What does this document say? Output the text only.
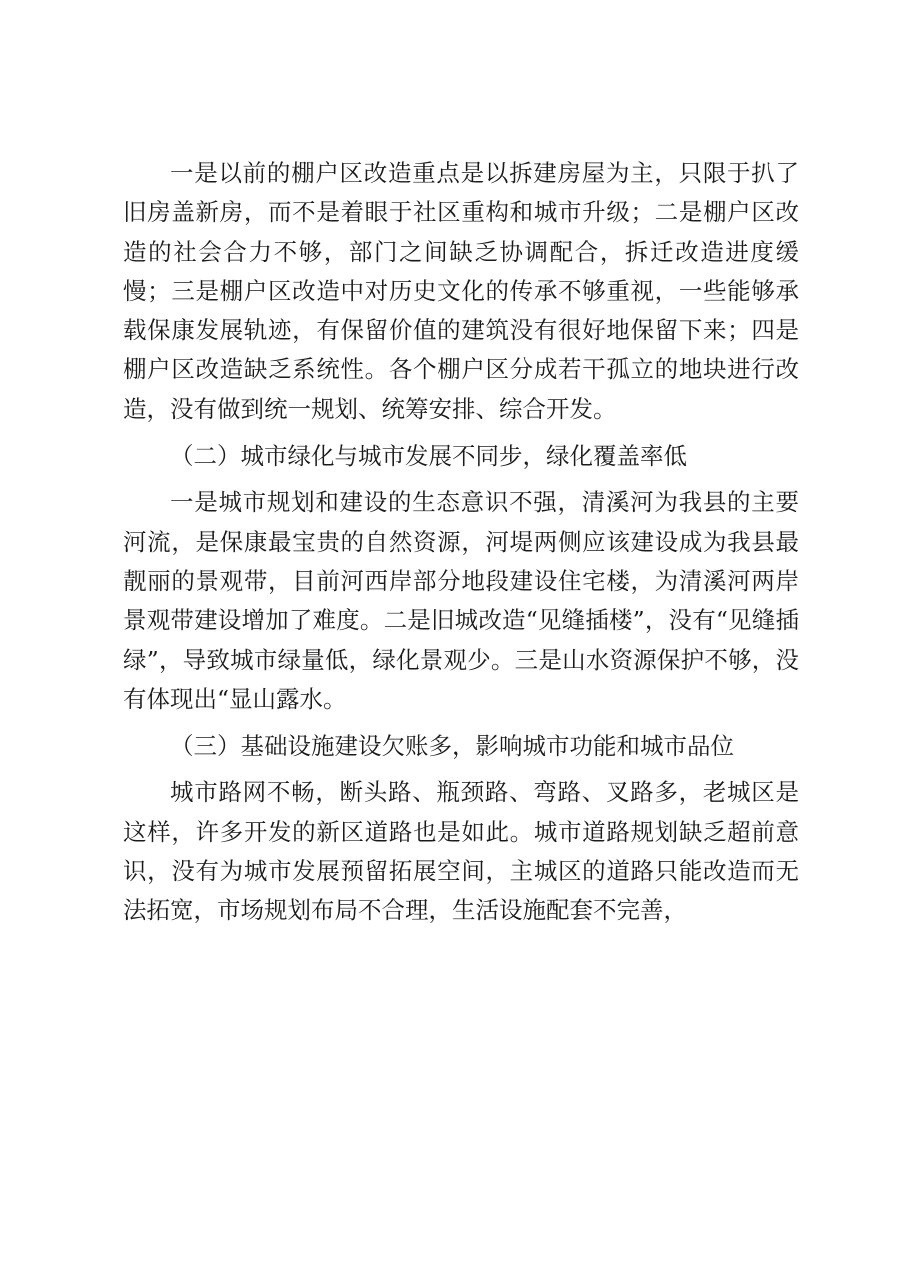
一是以前的棚户区改造重点是以拆建房屋为主，只限于扒了旧房盖新房，而不是着眼于社区重构和城市升级；二是棚户区改造的社会合力不够，部门之间缺乏协调配合，拆迁改造进度缓慢；三是棚户区改造中对历史文化的传承不够重视，一些能够承载保康发展轨迹，有保留价值的建筑没有很好地保留下来；四是棚户区改造缺乏系统性。各个棚户区分成若干孤立的地块进行改造，没有做到统一规划、统筹安排、综合开发。

（二）城市绿化与城市发展不同步，绿化覆盖率低

一是城市规划和建设的生态意识不强，清溪河为我县的主要河流，是保康最宝贵的自然资源，河堤两侧应该建设成为我县最靓丽的景观带，目前河西岸部分地段建设住宅楼，为清溪河两岸景观带建设增加了难度。二是旧城改造“见缝插楼”，没有“见缝插绿”，导致城市绿量低，绿化景观少。三是山水资源保护不够，没有体现出“显山露水。

（三）基础设施建设欠账多，影响城市功能和城市品位

城市路网不畅，断头路、瓶颈路、弯路、叉路多，老城区是这样，许多开发的新区道路也是如此。城市道路规划缺乏超前意识，没有为城市发展预留拓展空间，主城区的道路只能改造而无法拓宽，市场规划布局不合理，生活设施配套不完善，
